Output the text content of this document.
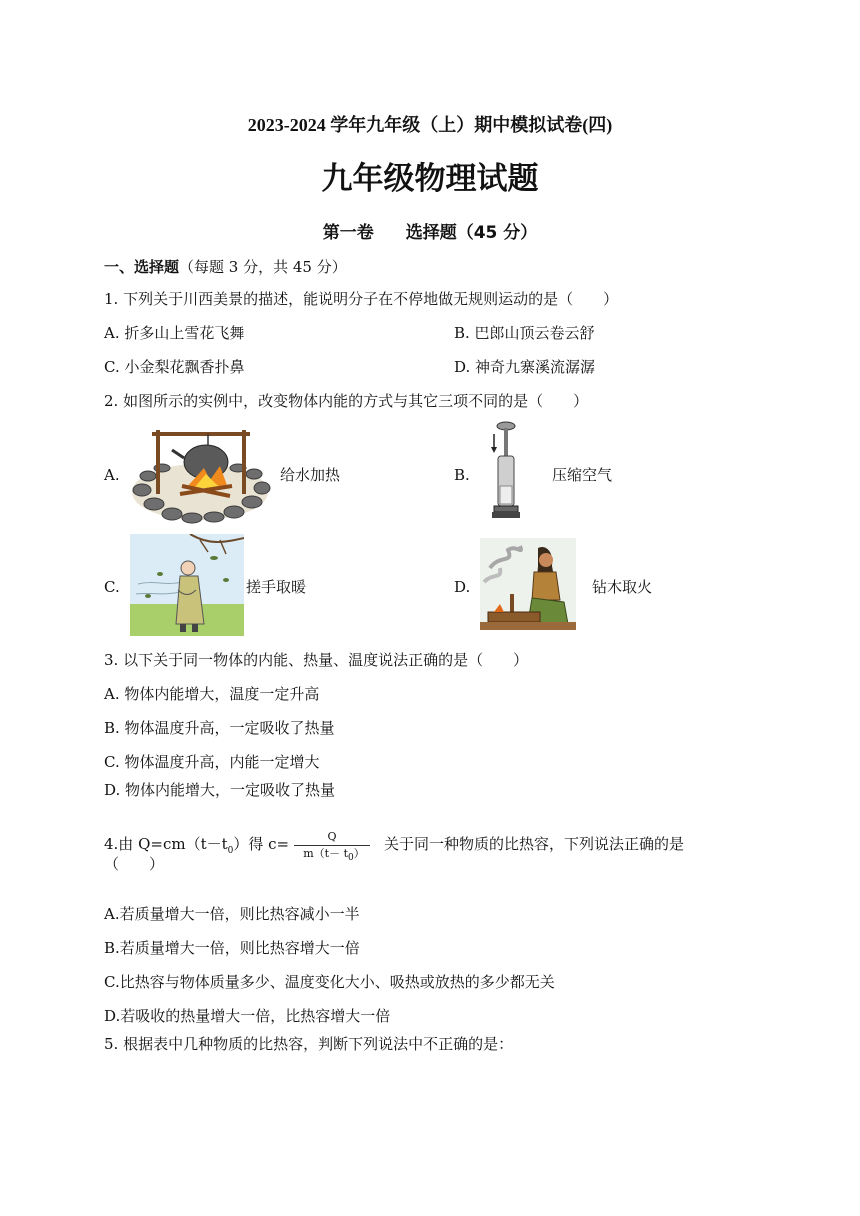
2023-2024 学年九年级（上）期中模拟试卷(四)
九年级物理试题
第一卷 选择题（45 分）
一、选择题（每题 3 分，共 45 分）
1. 下列关于川西美景的描述，能说明分子在不停地做无规则运动的是（　　）
A. 折多山上雪花飞舞	B. 巴郎山顶云卷云舒
C. 小金梨花飘香扑鼻	D. 神奇九寨溪流潺潺
2. 如图所示的实例中，改变物体内能的方式与其它三项不同的是（　　）
A.	给水加热	B.	压缩空气
C.	搓手取暖	D.	钻木取火
3. 以下关于同一物体的内能、热量、温度说法正确的是（　　）
A. 物体内能增大，温度一定升高
B. 物体温度升高，一定吸收了热量
C. 物体温度升高，内能一定增大
D. 物体内能增大，一定吸收了热量
4.由 $Q=cm(t-t_0)$得 c=	Q
$m(t- t_0)$
关于同一种物质的比热容，下列说法正确的是
（　　）
A.若质量增大一倍，则比热容减小一半
B.若质量增大一倍，则比热容增大一倍
C.比热容与物体质量多少、温度变化大小、吸热或放热的多少都无关
D.若吸收的热量增大一倍，比热容增大一倍
5. 根据表中几种物质的比热容，判断下列说法中不正确的是：
